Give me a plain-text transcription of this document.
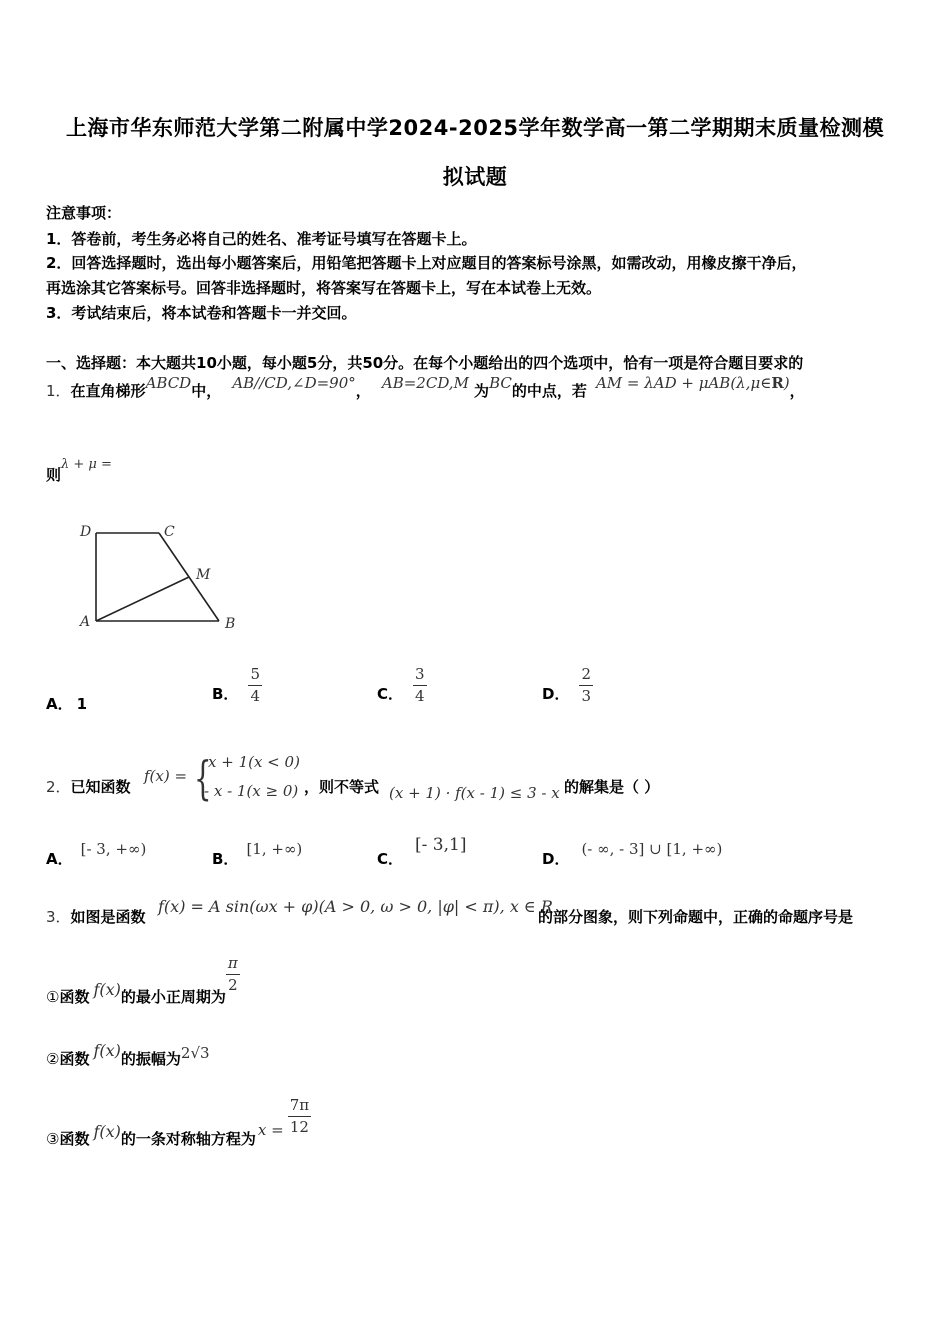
上海市华东师范大学第二附属中学2024-2025学年数学高一第二学期期末质量检测模
拟试题
注意事项：
1．答卷前，考生务必将自己的姓名、准考证号填写在答题卡上。
2．回答选择题时，选出每小题答案后，用铅笔把答题卡上对应题目的答案标号涂黑，如需改动，用橡皮擦干净后，
再选涂其它答案标号。回答非选择题时，将答案写在答题卡上，写在本试卷上无效。
3．考试结束后，将本试卷和答题卡一并交回。
一、选择题：本大题共10小题，每小题5分，共50分。在每个小题给出的四个选项中，恰有一项是符合题目要求的
1．在直角梯形ABCD中， AB//CD,∠D=90°， AB=2CD,M 为BC的中点，若 AM = λAD + μAB(λ,μ∈R)，
则λ + μ =
D	C
M
A	B
A． 1
B． $\frac{5}{4}$	C． $\frac{3}{4}$	D． $\frac{2}{3}$
2．已知函数
f(x) = {
x + 1(x < 0)
- x - 1(x ≥ 0) ，则不等式 (x + 1) · f(x - 1) ≤ 3 - x 的解集是（ ）
A．[- 3, +∞)
B．[1, +∞)
C．[- 3,1]
D．(- ∞, - 3] ∪ [1, +∞)
3．如图是函数
f(x) = A sin(ωx + φ)(A > 0, ω > 0, |φ| < π), x ∈ R
的部分图象，则下列命题中，正确的命题序号是
①函数 f(x)的最小正周期为
$\frac{\pi}{2}$
②函数 f(x)的振幅为2√3
③函数 f(x)的一条对称轴方程为 $x = \frac{7\pi}{12}$
